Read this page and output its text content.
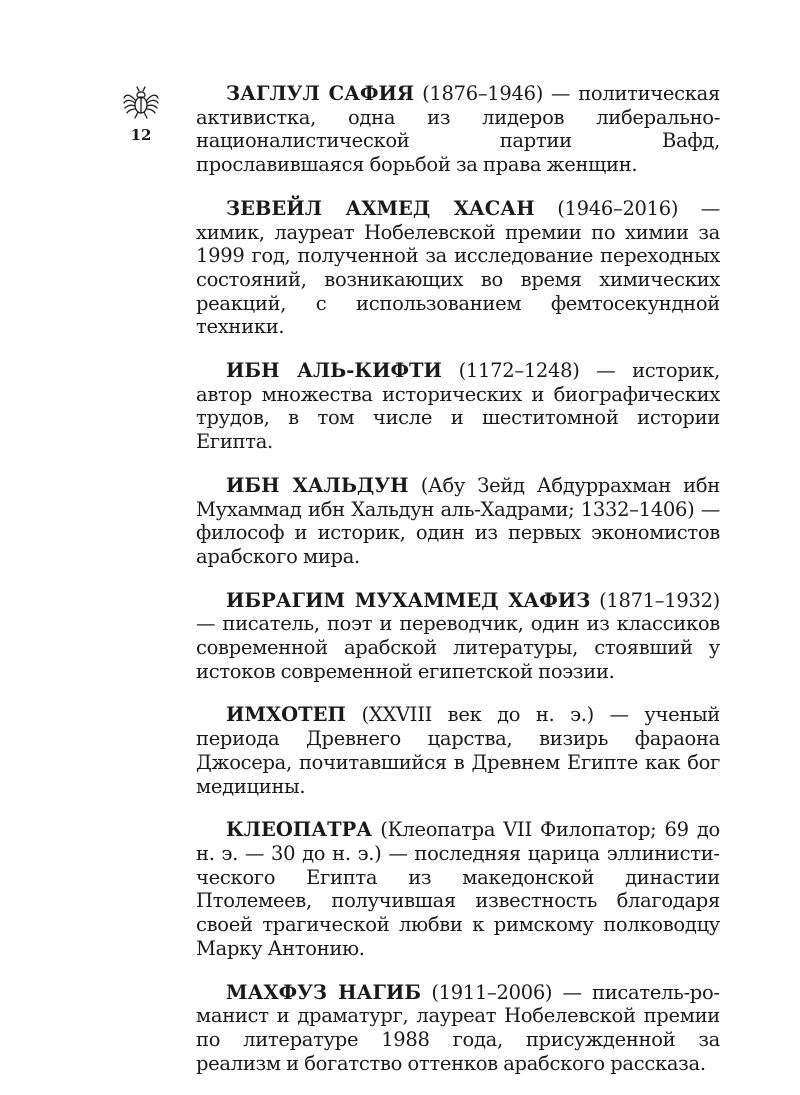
12

ЗАГЛУЛ САФИЯ (1876–1946) — политическая активистка, одна из лидеров либерально-националистической партии Вафд, прославившаяся борьбой за права женщин.

ЗЕВЕЙЛ АХМЕД ХАСАН (1946–2016) — химик, лауреат Нобелевской премии по химии за 1999 год, полученной за исследование переходных состояний, возникающих во время химических реакций, с использованием фемтосекундной техники.

ИБН АЛЬ-КИФТИ (1172–1248) — историк, автор множества исторических и биографических трудов, в том числе и шеститомной истории Египта.

ИБН ХАЛЬДУН (Абу Зейд Абдуррахман ибн Мухаммад ибн Хальдун аль-Хадрами; 1332–1406) — философ и историк, один из первых экономистов арабского мира.

ИБРАГИМ МУХАММЕД ХАФИЗ (1871–1932) — писатель, поэт и переводчик, один из классиков современной арабской литературы, стоявший у истоков современной египетской поэзии.

ИМХОТЕП (XXVIII век до н. э.) — ученый периода Древнего царства, визирь фараона Джосера, почитавшийся в Древнем Египте как бог медицины.

КЛЕОПАТРА (Клеопатра VII Филопатор; 69 до н. э. — 30 до н. э.) — последняя царица эллинистического Египта из македонской династии Птолемеев, получившая известность благодаря своей трагической любви к римскому полководцу Марку Антонию.

МАХФУЗ НАГИБ (1911–2006) — писатель-романист и драматург, лауреат Нобелевской премии по литературе 1988 года, присужденной за реализм и богатство оттенков арабского рассказа.
